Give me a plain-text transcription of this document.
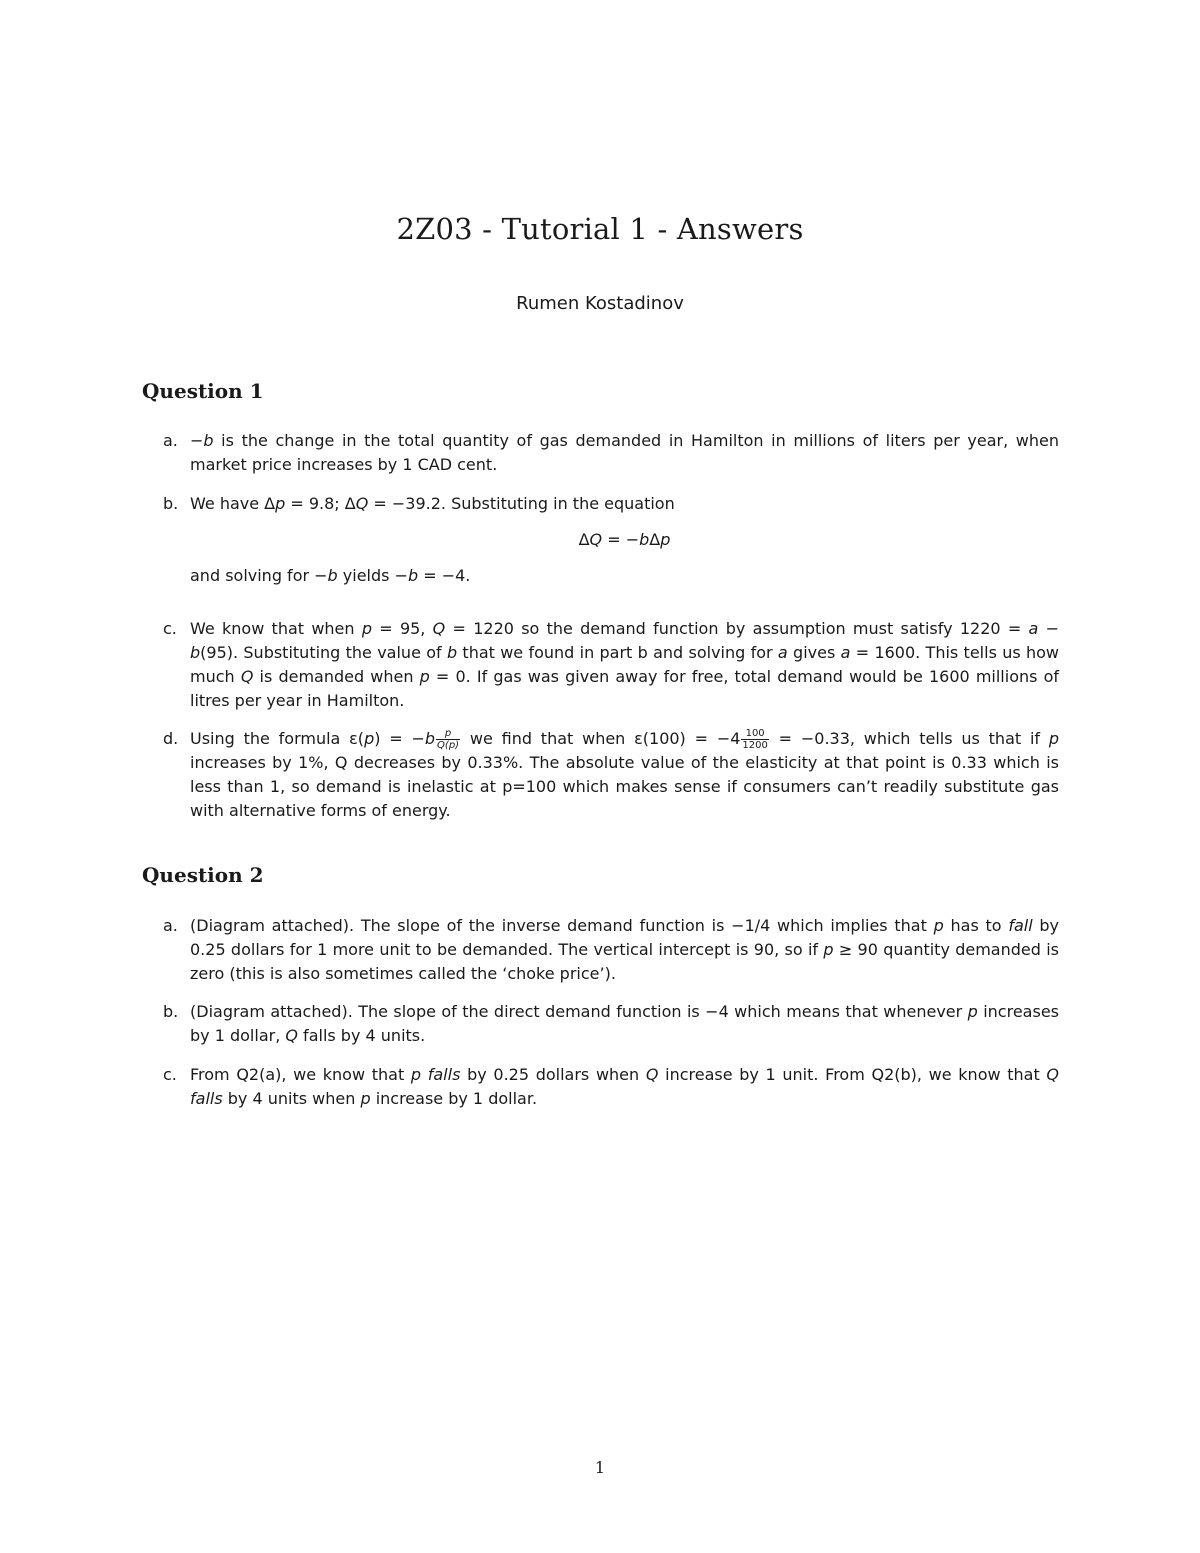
2Z03 - Tutorial 1 - Answers
Rumen Kostadinov
Question 1
a. −b is the change in the total quantity of gas demanded in Hamilton in millions of liters per year, when market price increases by 1 CAD cent.
b. We have Δp = 9.8; ΔQ = −39.2. Substituting in the equation

ΔQ = −bΔp

and solving for −b yields −b = −4.

c. We know that when p = 95, Q = 1220 so the demand function by assumption must satisfy 1220 = a − b(95). Substituting the value of b that we found in part b and solving for a gives a = 1600. This tells us how much Q is demanded when p = 0. If gas was given away for free, total demand would be 1600 millions of litres per year in Hamilton.
d. Using the formula $\varepsilon(p) = -b \frac{p}{Q(p)}$ we find that when $\varepsilon(100) = -4 \frac{100}{1200} = -0.33$, which tells us that if p increases by 1%, Q decreases by 0.33%. The absolute value of the elasticity at that point is 0.33 which is less than 1, so demand is inelastic at p=100 which makes sense if consumers can’t readily substitute gas with alternative forms of energy.
Question 2
a. (Diagram attached). The slope of the inverse demand function is −1/4 which implies that p has to fall by 0.25 dollars for 1 more unit to be demanded. The vertical intercept is 90, so if p ≥ 90 quantity demanded is zero (this is also sometimes called the ‘choke price’).
b. (Diagram attached). The slope of the direct demand function is −4 which means that whenever p increases by 1 dollar, Q falls by 4 units.
c. From Q2(a), we know that p falls by 0.25 dollars when Q increase by 1 unit. From Q2(b), we know that Q falls by 4 units when p increase by 1 dollar.
1
